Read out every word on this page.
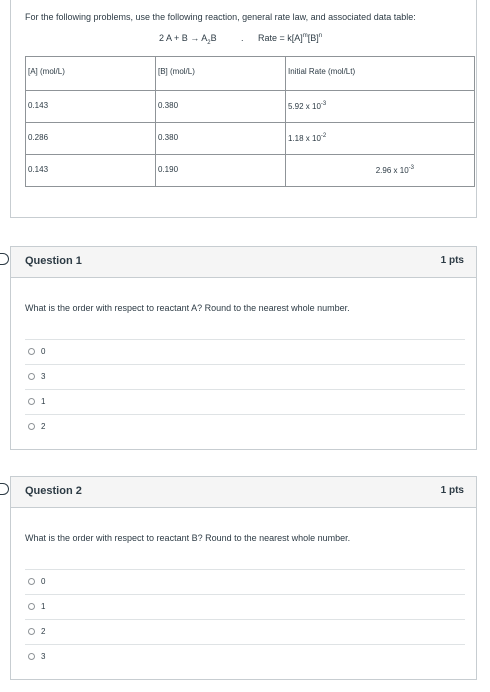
For the following problems, use the following reaction, general rate law, and associated data table:
2 $A + B \to A_2B$	. Rate = $k[A]^m[B]^n$
[A] (mol/L)	[B] (mol/L)	Initial Rate (mol/Lt)
0.143	0.380	5.92 x $10^{-3}$
0.286	0.380	1.18 x $10^{-2}$
0.143	0.190	2.96 x $10^{-3}$
Question 1	1 pts
What is the order with respect to reactant A? Round to the nearest whole number.
0
3
1
2
Question 2	1 pts
What is the order with respect to reactant B? Round to the nearest whole number.
0
1
2
3
